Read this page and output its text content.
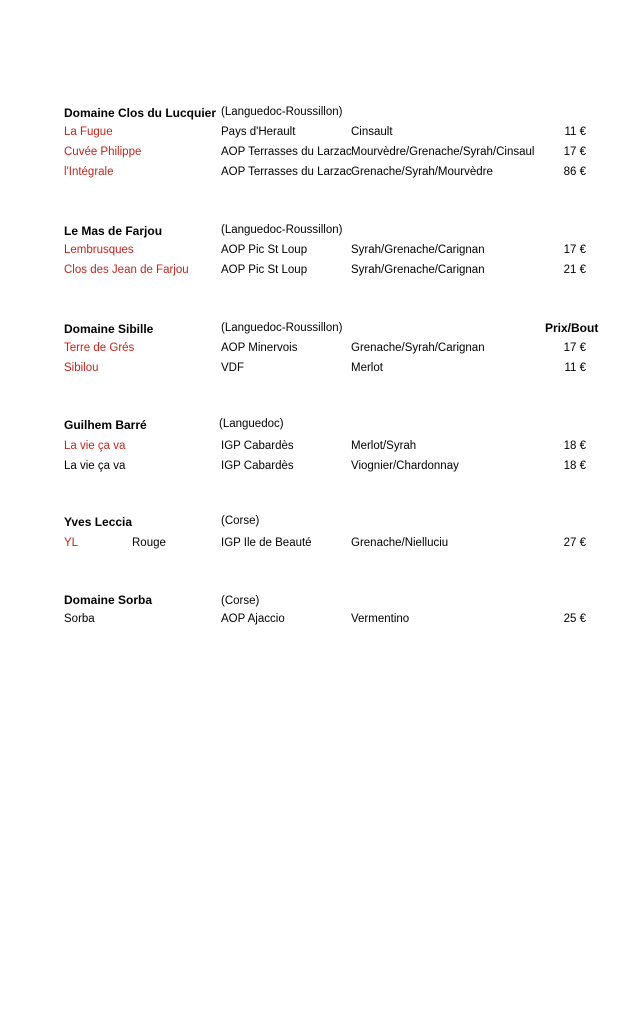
Domaine Clos du Lucquier (Languedoc-Roussillon)
La Fugue	Pays d'Herault	Cinsault	11 €
Cuvée Philippe	AOP Terrasses du Larzac Mourvèdre/Grenache/Syrah/Cinsaul	17 €
l'Intégrale	AOP Terrasses du Larzac Grenache/Syrah/Mourvèdre	86 €
Le Mas de Farjou	(Languedoc-Roussillon)
Lembrusques	AOP Pic St Loup	Syrah/Grenache/Carignan	17 €
Clos des Jean de Farjou	AOP Pic St Loup	Syrah/Grenache/Carignan	21 €
Domaine Sibille	(Languedoc-Roussillon)	Prix/Bout
Terre de Grés	AOP Minervois	Grenache/Syrah/Carignan	17 €
Sibilou	VDF	Merlot	11 €
Guilhem Barré	(Languedoc)
La vie ça va	IGP Cabardès	Merlot/Syrah	18 €
La vie ça va	IGP Cabardès	Viognier/Chardonnay	18 €
Yves Leccia	(Corse)
YL	Rouge	IGP Ile de Beauté	Grenache/Nielluciu	27 €
Domaine Sorba	(Corse)
Sorba	AOP Ajaccio	Vermentino	25 €
